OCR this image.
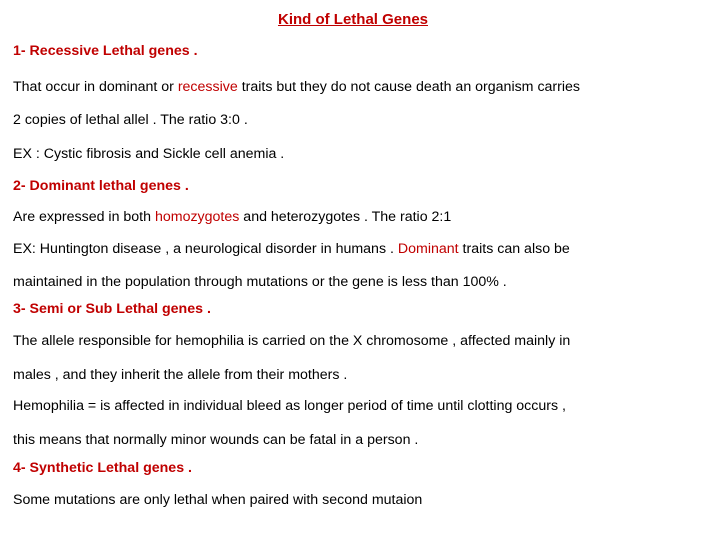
Kind of Lethal Genes
1- Recessive Lethal genes .
That occur in dominant or recessive traits but they do not cause death an organism carries
2 copies of lethal allel . The ratio 3:0 .
EX : Cystic fibrosis and Sickle cell anemia .
2- Dominant lethal genes .
Are expressed in both homozygotes and heterozygotes . The ratio 2:1
EX: Huntington disease , a neurological disorder in humans . Dominant traits can also be
maintained in the population through mutations or the gene is less than 100% .
3- Semi or Sub Lethal genes .
The allele responsible for hemophilia is carried on the X chromosome , affected mainly in
males , and they inherit the allele from their mothers .
Hemophilia = is affected in individual bleed as longer period of time until clotting occurs ,
this means that normally minor wounds can be fatal in a person .
4- Synthetic Lethal genes .
Some mutations are only lethal when paired with second mutaion
